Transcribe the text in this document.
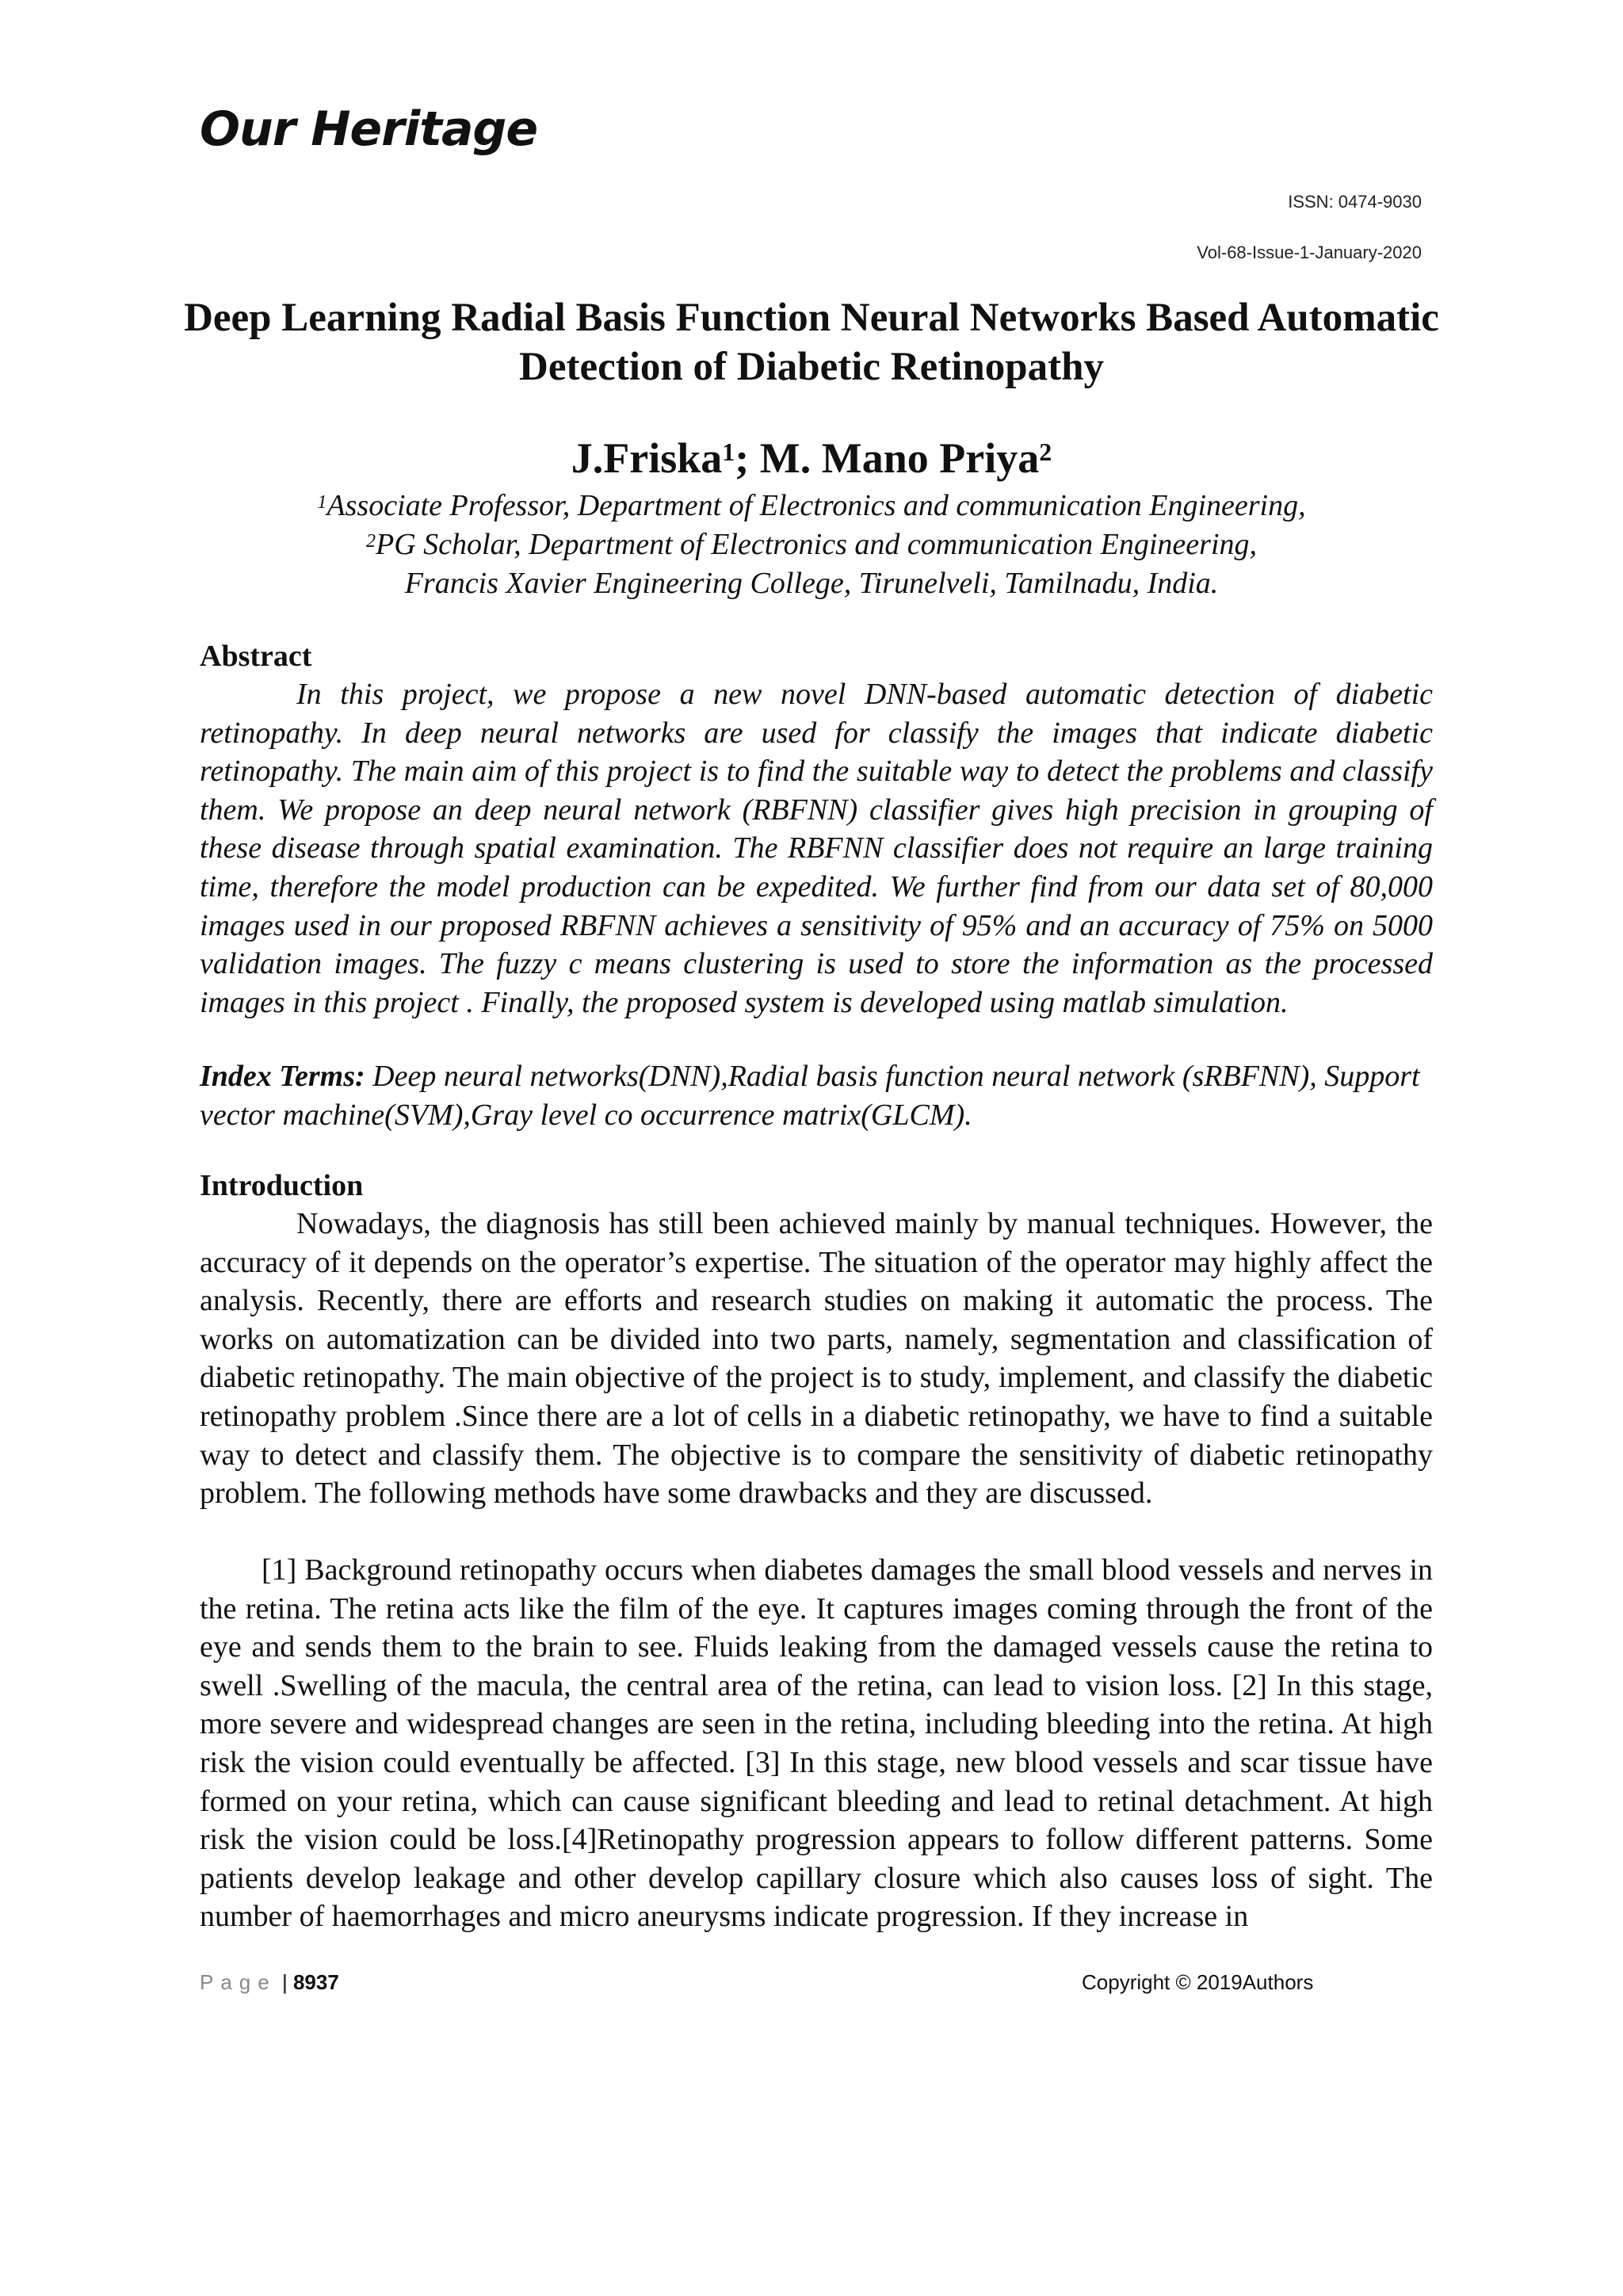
Our Heritage
ISSN: 0474-9030
Vol-68-Issue-1-January-2020
Deep Learning Radial Basis Function Neural Networks Based Automatic Detection of Diabetic Retinopathy
J.Friska$^1$; M. Mano Priya$^2$
$^1$Associate Professor, Department of Electronics and communication Engineering,
$^2$PG Scholar, Department of Electronics and communication Engineering,
Francis Xavier Engineering College, Tirunelveli, Tamilnadu, India.
Abstract

In this project, we propose a new novel DNN-based automatic detection of diabetic retinopathy. In deep neural networks are used for classify the images that indicate diabetic retinopathy. The main aim of this project is to find the suitable way to detect the problems and classify them. We propose an deep neural network (RBFNN) classifier gives high precision in grouping of these disease through spatial examination. The RBFNN classifier does not require an large training time, therefore the model production can be expedited. We further find from our data set of 80,000 images used in our proposed RBFNN achieves a sensitivity of 95% and an accuracy of 75% on 5000 validation images. The fuzzy c means clustering is used to store the information as the processed images in this project . Finally, the proposed system is developed using matlab simulation.

Index Terms: Deep neural networks(DNN),Radial basis function neural network (sRBFNN), Support vector machine(SVM),Gray level co occurrence matrix(GLCM).

Introduction

Nowadays, the diagnosis has still been achieved mainly by manual techniques. However, the accuracy of it depends on the operator’s expertise. The situation of the operator may highly affect the analysis. Recently, there are efforts and research studies on making it automatic the process. The works on automatization can be divided into two parts, namely, segmentation and classification of diabetic retinopathy. The main objective of the project is to study, implement, and classify the diabetic retinopathy problem .Since there are a lot of cells in a diabetic retinopathy, we have to find a suitable way to detect and classify them. The objective is to compare the sensitivity of diabetic retinopathy problem. The following methods have some drawbacks and they are discussed.

[1] Background retinopathy occurs when diabetes damages the small blood vessels and nerves in the retina. The retina acts like the film of the eye. It captures images coming through the front of the eye and sends them to the brain to see. Fluids leaking from the damaged vessels cause the retina to swell .Swelling of the macula, the central area of the retina, can lead to vision loss. [2] In this stage, more severe and widespread changes are seen in the retina, including bleeding into the retina. At high risk the vision could eventually be affected. [3] In this stage, new blood vessels and scar tissue have formed on your retina, which can cause significant bleeding and lead to retinal detachment. At high risk the vision could be loss.[4]Retinopathy progression appears to follow different patterns. Some patients develop leakage and other develop capillary closure which also causes loss of sight. The number of haemorrhages and micro aneurysms indicate progression. If they increase in

Page | 8937	Copyright © 2019Authors
